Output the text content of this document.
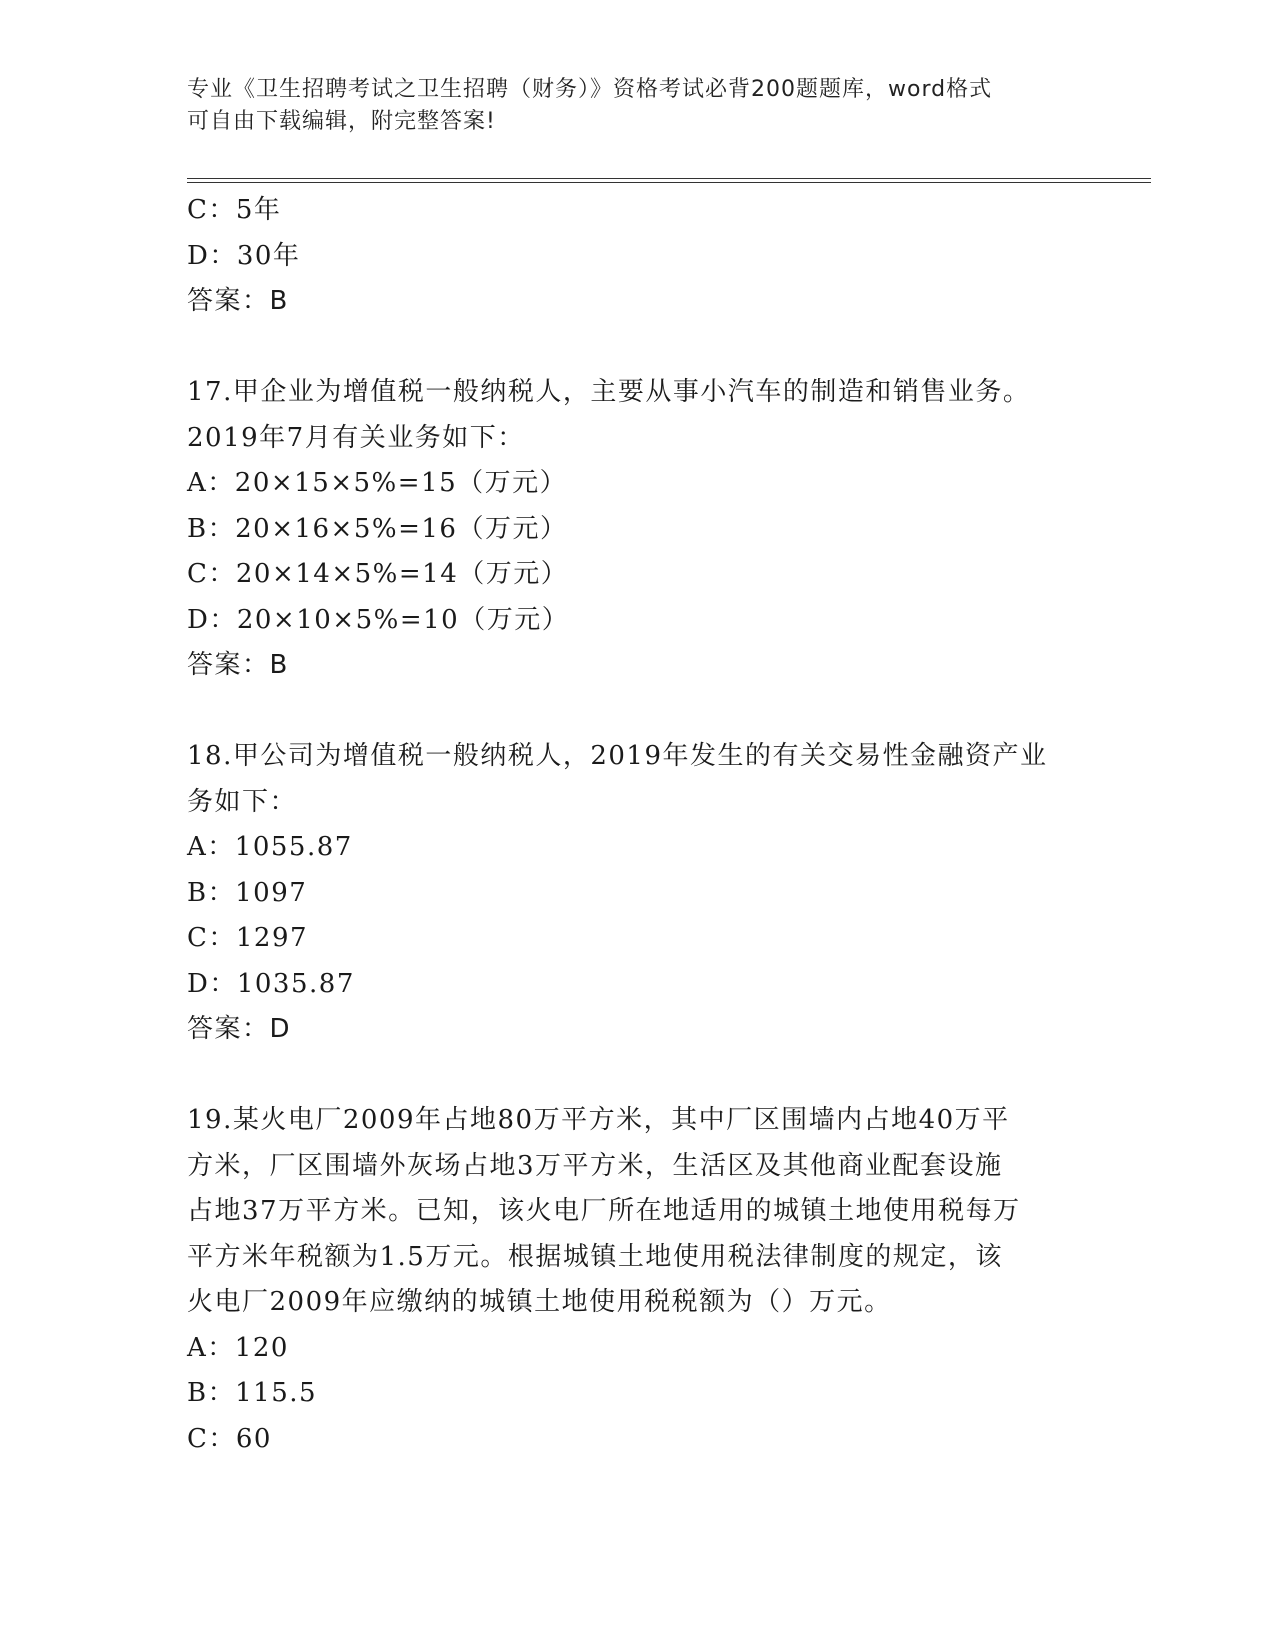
专业《卫生招聘考试之卫生招聘（财务）》资格考试必背200题题库，word格式
可自由下载编辑，附完整答案!
C：5年
D：30年
答案：B
17.甲企业为增值税一般纳税人，主要从事小汽车的制造和销售业务。
2019年7月有关业务如下：
A：20×15×5%=15（万元）
B：20×16×5%=16（万元）
C：20×14×5%=14（万元）
D：20×10×5%=10（万元）
答案：B
18.甲公司为增值税一般纳税人，2019年发生的有关交易性金融资产业
务如下：
A：1055.87
B：1097
C：1297
D：1035.87
答案：D
19.某火电厂2009年占地80万平方米，其中厂区围墙内占地40万平
方米，厂区围墙外灰场占地3万平方米，生活区及其他商业配套设施
占地37万平方米。已知，该火电厂所在地适用的城镇土地使用税每万
平方米年税额为1.5万元。根据城镇土地使用税法律制度的规定，该
火电厂2009年应缴纳的城镇土地使用税税额为（）万元。
A：120
B：115.5
C：60
